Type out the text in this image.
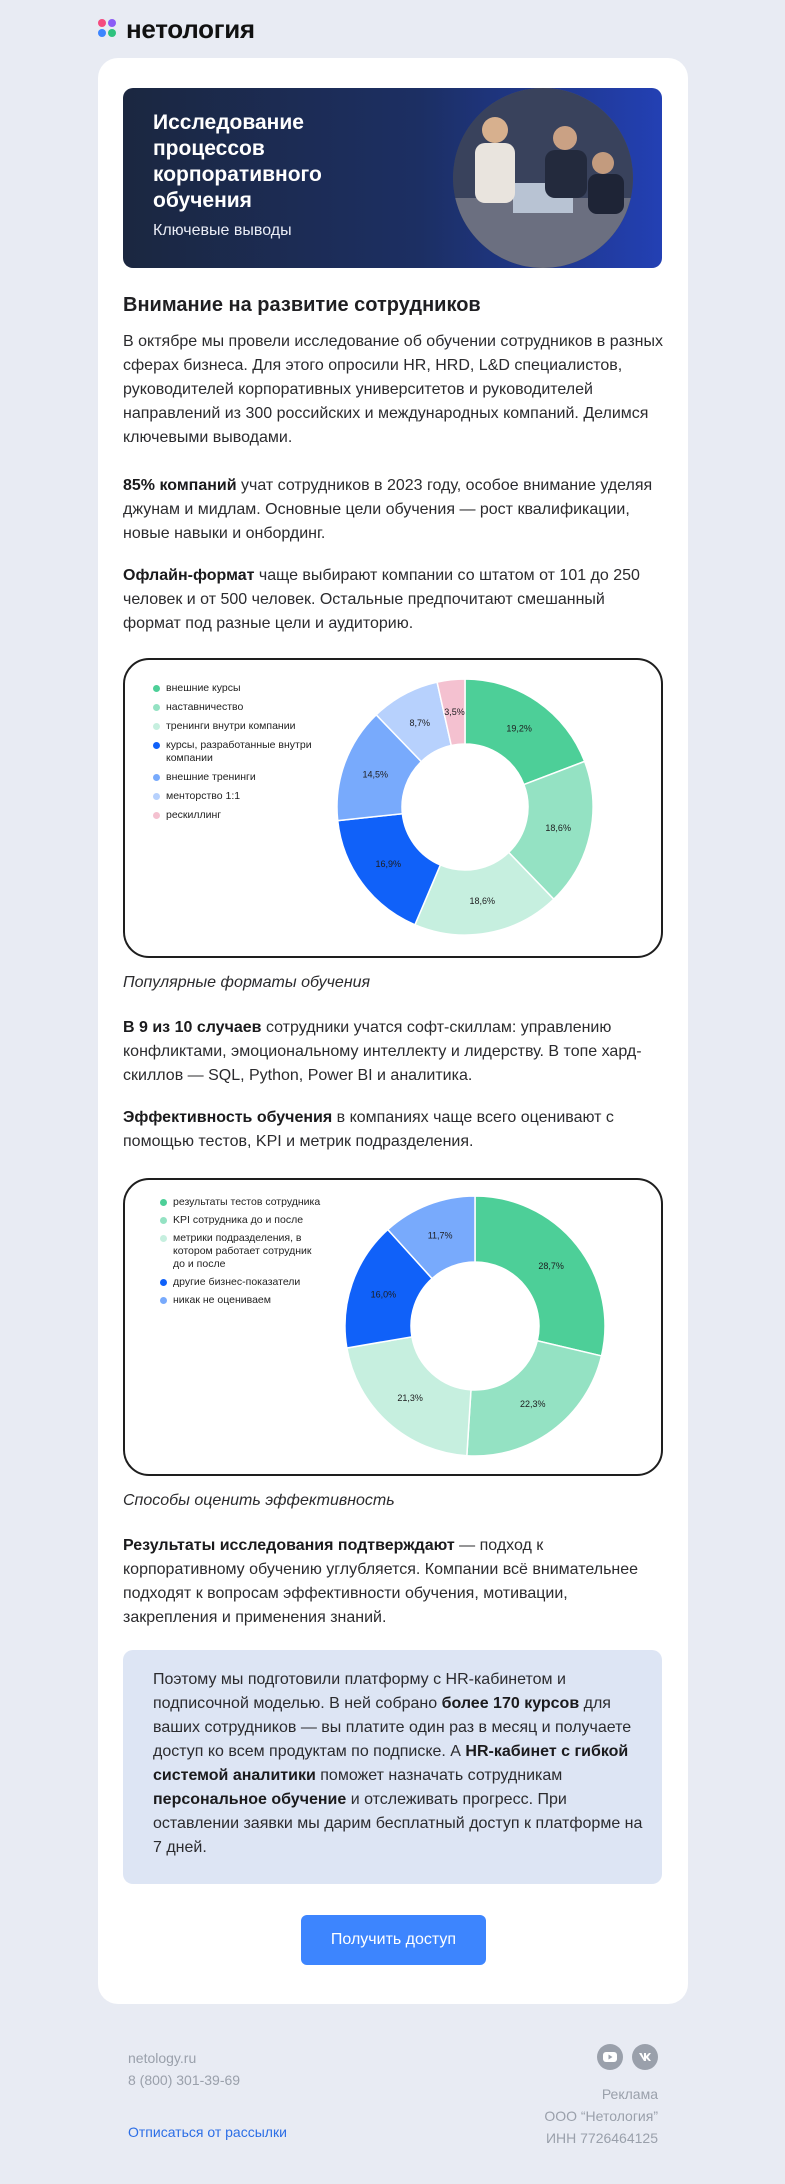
нетология
Исследование процессов корпоративного обучения
Ключевые выводы
Внимание на развитие сотрудников

В октябре мы провели исследование об обучении сотрудников в разных сферах бизнеса. Для этого опросили HR, HRD, L&D специалистов, руководителей корпоративных университетов и руководителей направлений из 300 российских и международных компаний. Делимся ключевыми выводами.

85% компаний учат сотрудников в 2023 году, особое внимание уделяя джунам и мидлам. Основные цели обучения — рост квалификации, новые навыки и онбординг.

Офлайн-формат чаще выбирают компании со штатом от 101 до 250 человек и от 500 человек. Остальные предпочитают смешанный формат под разные цели и аудиторию.

внешние курсы
наставничество
тренинги внутри компании
курсы, разработанные внутри компании
внешние тренинги
менторство 1:1
рескиллинг
19,2%
18,6%
18,6%
16,9%
14,5%
8,7%
3,5%

Популярные форматы обучения

В 9 из 10 случаев сотрудники учатся софт-скиллам: управлению конфликтами, эмоциональному интеллекту и лидерству. В топе хард-скиллов — SQL, Python, Power BI и аналитика.

Эффективность обучения в компаниях чаще всего оценивают с помощью тестов, KPI и метрик подразделения.

результаты тестов сотрудника
KPI сотрудника до и после
метрики подразделения, в котором работает сотрудник до и после
другие бизнес-показатели
никак не оцениваем
28,7%
22,3%
21,3%
16,0%
11,7%

Способы оценить эффективность

Результаты исследования подтверждают — подход к корпоративному обучению углубляется. Компании всё внимательнее подходят к вопросам эффективности обучения, мотивации, закрепления и применения знаний.

Поэтому мы подготовили платформу с HR-кабинетом и подписочной моделью. В ней собрано более 170 курсов для ваших сотрудников — вы платите один раз в месяц и получаете доступ ко всем продуктам по подписке. А HR-кабинет с гибкой системой аналитики поможет назначать сотрудникам персональное обучение и отслеживать прогресс. При оставлении заявки мы дарим бесплатный доступ к платформе на 7 дней.

Получить доступ
netology.ru
8 (800) 301-39-69
Отписаться от рассылки
Реклама
ООО “Нетология”
ИНН 7726464125
